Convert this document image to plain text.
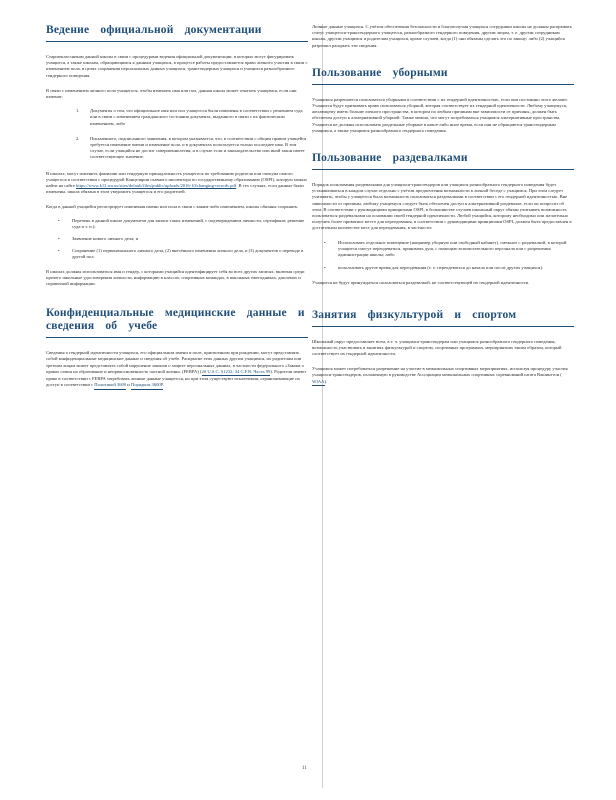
Ведение официальной документации

Старшеклассникам данной школы в связи с процедурами ведения официальной документации, в которых могут фигурировать учащиеся, а также школам, обращающимся к данным учащихся, в процессе работы предоставляется право личного участия в связи с изменением пола, в целях сохранения персональных данных учащихся, трансгендерных учащихся и учащихся разнообразного гендерного поведения.

В связи с изменением личного пола учащегося, чтобы изменить имя или пол, данная школа может отказать учащимся, если они изменят:

1. Документы о том, что официальное имя или пол учащегося были изменены в соответствии с решением суда или в связи с изменением гражданского состояния документа, выданного в связи с их фактическим изменением, либо
2. Письменного, подписанного заявления, в котором указывается, что, в соответствии с общим правом учащейся требуется изменение имени и изменение пола, и в документах используется только последнее имя. В том случае, если учащийся не достиг совершеннолетия, и в случае если и законодательство или иной закон имеет соответствующее значение.

В школах, могут изменить фамилию или гендерную принадлежность учащегося по требованию родителя или опекуна самого учащегося в соответствии с процедурой Канцелярии главного инспектора по государственному образованию (OSPI), которую можно найти на сайте https://www.k12.wa.us/sites/default/files/public/uploads/2016-10/changing-records.pdf. В тех случаях, если данные были изменены, школа обязана в этом уведомить учащегося и его родителей.

Когда в данной учащийся регистрирует изменения имени или пола в связи с каким-либо изменением, школы обязаны сохранять:

•	Перечень в данной школе документов для записи таких изменений, с подтверждением личности, сертификат, решение суда и т. п.);
•	Заявление нового личного дела; и
•	Сохранение (1) первоначального личного дела, (2) внесённого изменения личного дела, и (3) документов о переводе в другой пол.

В школах должны использоваться имя и гендер, с которыми учащийся идентифицирует себя во всех других записях, включая среди прочего школьные удостоверения личности, информацию в классах, спортивных командах, в школьных ежегодниках, дипломах и справочной информации.

Конфиденциальные медицинские данные и сведения об учебе

Сведения о гендерной идентичности учащихся, его официальном имени и поле, присвоенном при рождении, могут представлять собой конфиденциальные медицинские данные и сведения об учебе. Раскрытие этих данных другим учащимся, их родителям или третьим лицам может представлять собой нарушение законов о защите персональных данных, в частности федерального «Закона о правах семьи на образование и неприкосновенность частной жизни» (FERPA) (20 U.S.C. §1232; 34 C.F.R. Часть 99). Родители имеют право в соответствии с FERPA затребовать личные данные учащегося, но при этом существуют исключения, ограничивающие их доступ в соответствии с Политикой 3600 и Порядком 3600P.

Личные данные учащихся. С учётом обеспечения безопасности и благополучия учащихся сотрудники школы не должны раскрывать статус учащегося-трансгендерного учащегося, разнообразного гендерного поведения, другим лицам, т. е. другим сотрудникам школы, другим учащимся и родителям учащихся, кроме случаев, когда (1) они обязаны сделать это по закону; либо (2) учащийся разрешил раскрыть эти сведения.

Пользование уборными

Учащимся разрешается пользоваться уборными в соответствии с их гендерной идентичностью, если они постоянно этого желают. Учащиеся будут признавать право пользоваться уборной, которая соответствует их гендерной идентичности. Любому учащемуся, желающему иметь больше личного пространства, в котором по любым причинам вне зависимости от причины, должен быть обеспечен доступ к альтернативной уборной. Также можно, что могут потребоваться учащимся альтернативные пространства. Учащиеся не должны использовать раздельные уборные в какое-либо иное время, если они не обращаются трансгендерным учащимся, а также учащимся разнообразного гендерного поведения.

Пользование раздевалками

Порядок пользования раздевалками для учащихся-трансгендеров или учащихся разнообразного гендерного поведения будет устанавливаться в каждом случае отдельно с учётом предпочтения возможности в личной беседе с учащимся. При этом следует учитывать, чтобы у учащегося была возможность пользоваться раздевалками в соответствии с его гендерной идентичностью. Вне зависимости от причины, любому учащемуся следует быть обеспечен доступ к альтернативной раздевалке, если он попросит об этом. В соответствии с руководящими принципами OSPI, в большинстве случаев школьный округ обязан учитывать возможность пользоваться раздевалками на основании своей гендерной идентичности. Любой учащийся, которому необходимо или желательно получить более приватное место для переодевания, в соответствии с руководящими принципами OSPI, должен быть предоставлен в достаточном количестве мест для переодевания, в частности:

•	Использовать отдельное помещение (например уборную или свободный кабинет), смежное с раздевалкой, в которой учащиеся смогут переодеваться, принимать душ, с помощью вспомогательного персонала или с разрешения администрации школы; либо
•	использовать другое время для переодевания (т. е. переодеваться до начала или после других учащихся).

Учащиеся не будут принуждаться пользоваться раздевалкой, не соответствующей их гендерной идентичности.

Занятия физкультурой и спортом

Школьный округ предоставляет всем, в т. ч. учащимся-трансгендерам или учащимся разнообразного гендерного поведения, возможность участвовать в занятиях физкультурой и спортом, спортивных программах, мероприятиях таким образом, который соответствует их гендерной идентичности.

Учащимся может потребоваться разрешение на участие в межшкольных спортивных мероприятиях, используя процедуру участия учащихся-трансгендеров, изложенную в руководстве Ассоциации межшкольных спортивных соревнований штата Вашингтон (WIAA).

11
